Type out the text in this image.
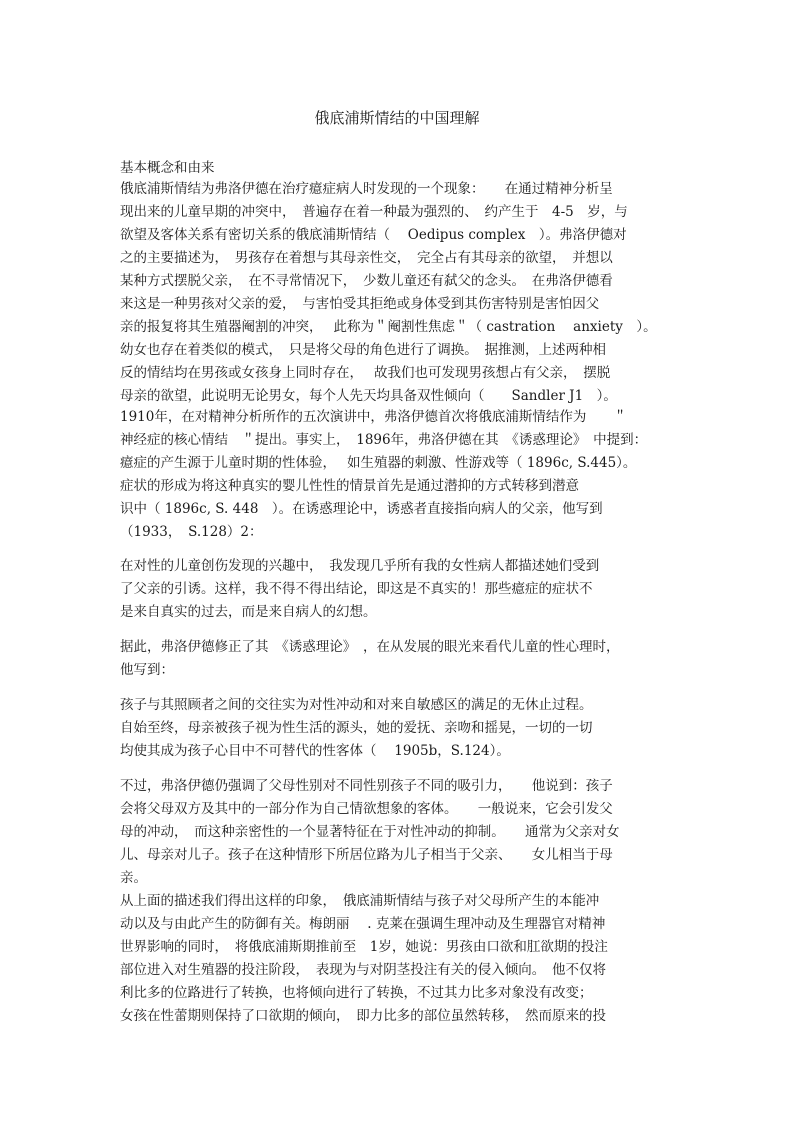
俄底浦斯情结的中国理解
基本概念和由来
俄底浦斯情结为弗洛伊德在治疗癔症病人时发现的一个现象：　　在通过精神分析呈
现出来的儿童早期的冲突中，　普遍存在着一种最为强烈的、　约产生于　4-5　岁，与
欲望及客体关系有密切关系的俄底浦斯情结（　 Oedipus complex　）。弗洛伊德对
之的主要描述为，　男孩存在着想与其母亲性交，　完全占有其母亲的欲望，　并想以
某种方式摆脱父亲，　在不寻常情况下，　少数儿童还有弑父的念头。　在弗洛伊德看
来这是一种男孩对父亲的爱，　与害怕受其拒绝或身体受到其伤害特别是害怕因父
亲的报复将其生殖器阉割的冲突，　 此称为＂阉割性焦虑＂（ castration　 anxiety　）。
幼女也存在着类似的模式，　只是将父母的角色进行了调换。　据推测，上述两种相
反的情结均在男孩或女孩身上同时存在，　 故我们也可发现男孩想占有父亲，　摆脱
母亲的欲望，此说明无论男女，每个人先天均具备双性倾向（　　Sandler J1　）。
1910年，在对精神分析所作的五次演讲中，弗洛伊德首次将俄底浦斯情结作为　　＂
神经症的核心情结　＂提出。事实上，　1896年，弗洛伊德在其　《诱惑理论》　中提到：
癔症的产生源于儿童时期的性体验，　 如生殖器的刺激、性游戏等（ 1896c, S.445）。
症状的形成为将这种真实的婴儿性性的情景首先是通过潜抑的方式转移到潜意
识中（ 1896c, S. 448　）。在诱惑理论中，诱惑者直接指向病人的父亲，他写到
（1933，　S.128）2：
在对性的儿童创伤发现的兴趣中，　我发现几乎所有我的女性病人都描述她们受到
了父亲的引诱。这样，我不得不得出结论，即这是不真实的！那些癔症的症状不
是来自真实的过去，而是来自病人的幻想。
据此，弗洛伊德修正了其　《诱惑理论》　，在从发展的眼光来看代儿童的性心理时，
他写到：
孩子与其照顾者之间的交往实为对性冲动和对来自敏感区的满足的无休止过程。
自始至终，母亲被孩子视为性生活的源头，她的爱抚、亲吻和摇晃，一切的一切
均使其成为孩子心目中不可替代的性客体（　 1905b，S.124）。
不过，弗洛伊德仍强调了父母性别对不同性别孩子不同的吸引力，　　他说到：孩子
会将父母双方及其中的一部分作为自己情欲想象的客体。　　一般说来，它会引发父
母的冲动，　而这种亲密性的一个显著特征在于对性冲动的抑制。　　通常为父亲对女
儿、母亲对儿子。孩子在这种情形下所居位路为儿子相当于父亲、　　女儿相当于母
亲。
从上面的描述我们得出这样的印象，　俄底浦斯情结与孩子对父母所产生的本能冲
动以及与由此产生的防御有关。梅朗丽　 . 克莱在强调生理冲动及生理器官对精神
世界影响的同时，　将俄底浦斯期推前至　1岁，她说：男孩由口欲和肛欲期的投注
部位进入对生殖器的投注阶段，　表现为与对阴茎投注有关的侵入倾向。　他不仅将
利比多的位路进行了转换，也将倾向进行了转换，不过其力比多对象没有改变；
女孩在性蕾期则保持了口欲期的倾向，　即力比多的部位虽然转移，　然而原来的投
